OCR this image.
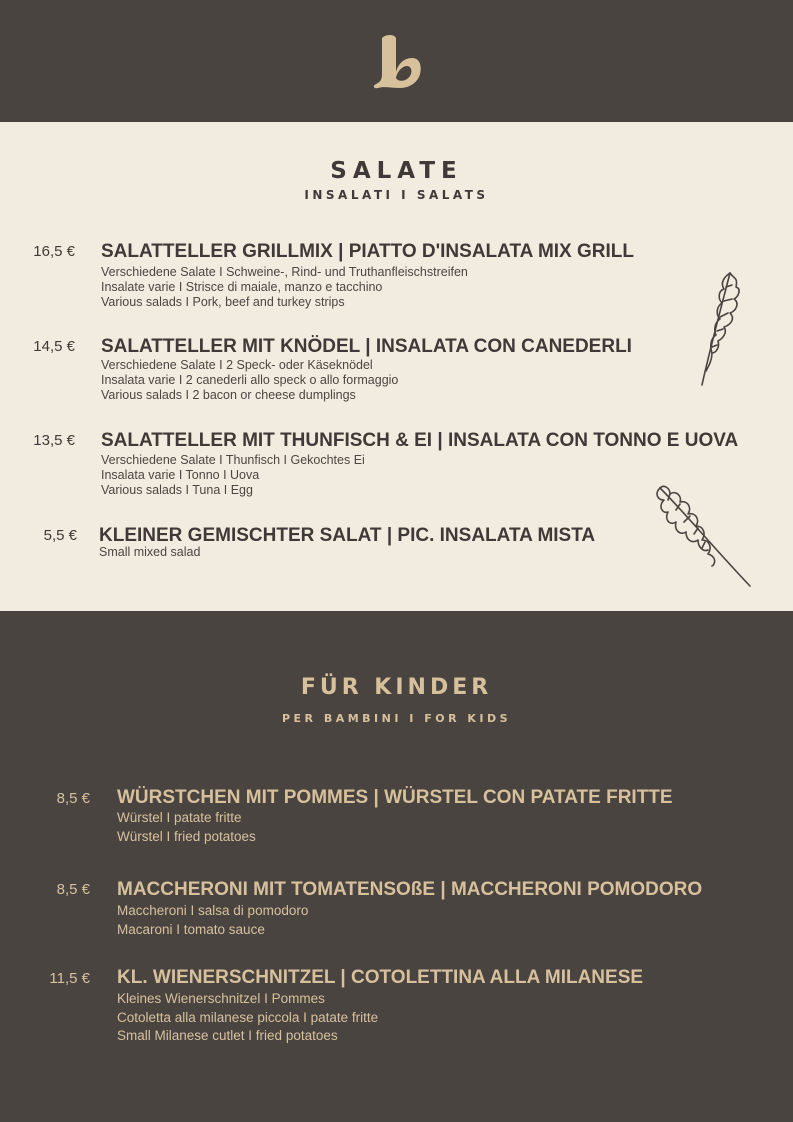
SALATE
INSALATI I SALATS
16,5 € SALATTELLER GRILLMIX | PIATTO D'INSALATA MIX GRILL
Verschiedene Salate I Schweine-, Rind- und Truthanfleischstreifen
Insalate varie I Strisce di maiale, manzo e tacchino
Various salads I Pork, beef and turkey strips
14,5 € SALATTELLER MIT KNÖDEL | INSALATA CON CANEDERLI
Verschiedene Salate I 2 Speck- oder Käseknödel
Insalata varie I 2 canederli allo speck o allo formaggio
Various salads I 2 bacon or cheese dumplings
13,5 € SALATTELLER MIT THUNFISCH & EI | INSALATA CON TONNO E UOVA
Verschiedene Salate I Thunfisch I Gekochtes Ei
Insalata varie I Tonno I Uova
Various salads I Tuna I Egg
5,5 € KLEINER GEMISCHTER SALAT | PIC. INSALATA MISTA
Small mixed salad
FÜR KINDER
PER BAMBINI I FOR KIDS
8,5 € WÜRSTCHEN MIT POMMES | WÜRSTEL CON PATATE FRITTE
Würstel I patate fritte
Würstel I fried potatoes
8,5 € MACCHERONI MIT TOMATENSOßE | MACCHERONI POMODORO
Maccheroni I salsa di pomodoro
Macaroni I tomato sauce
11,5 € KL. WIENERSCHNITZEL | COTOLETTINA ALLA MILANESE
Kleines Wienerschnitzel I Pommes
Cotoletta alla milanese piccola I patate fritte
Small Milanese cutlet I fried potatoes
